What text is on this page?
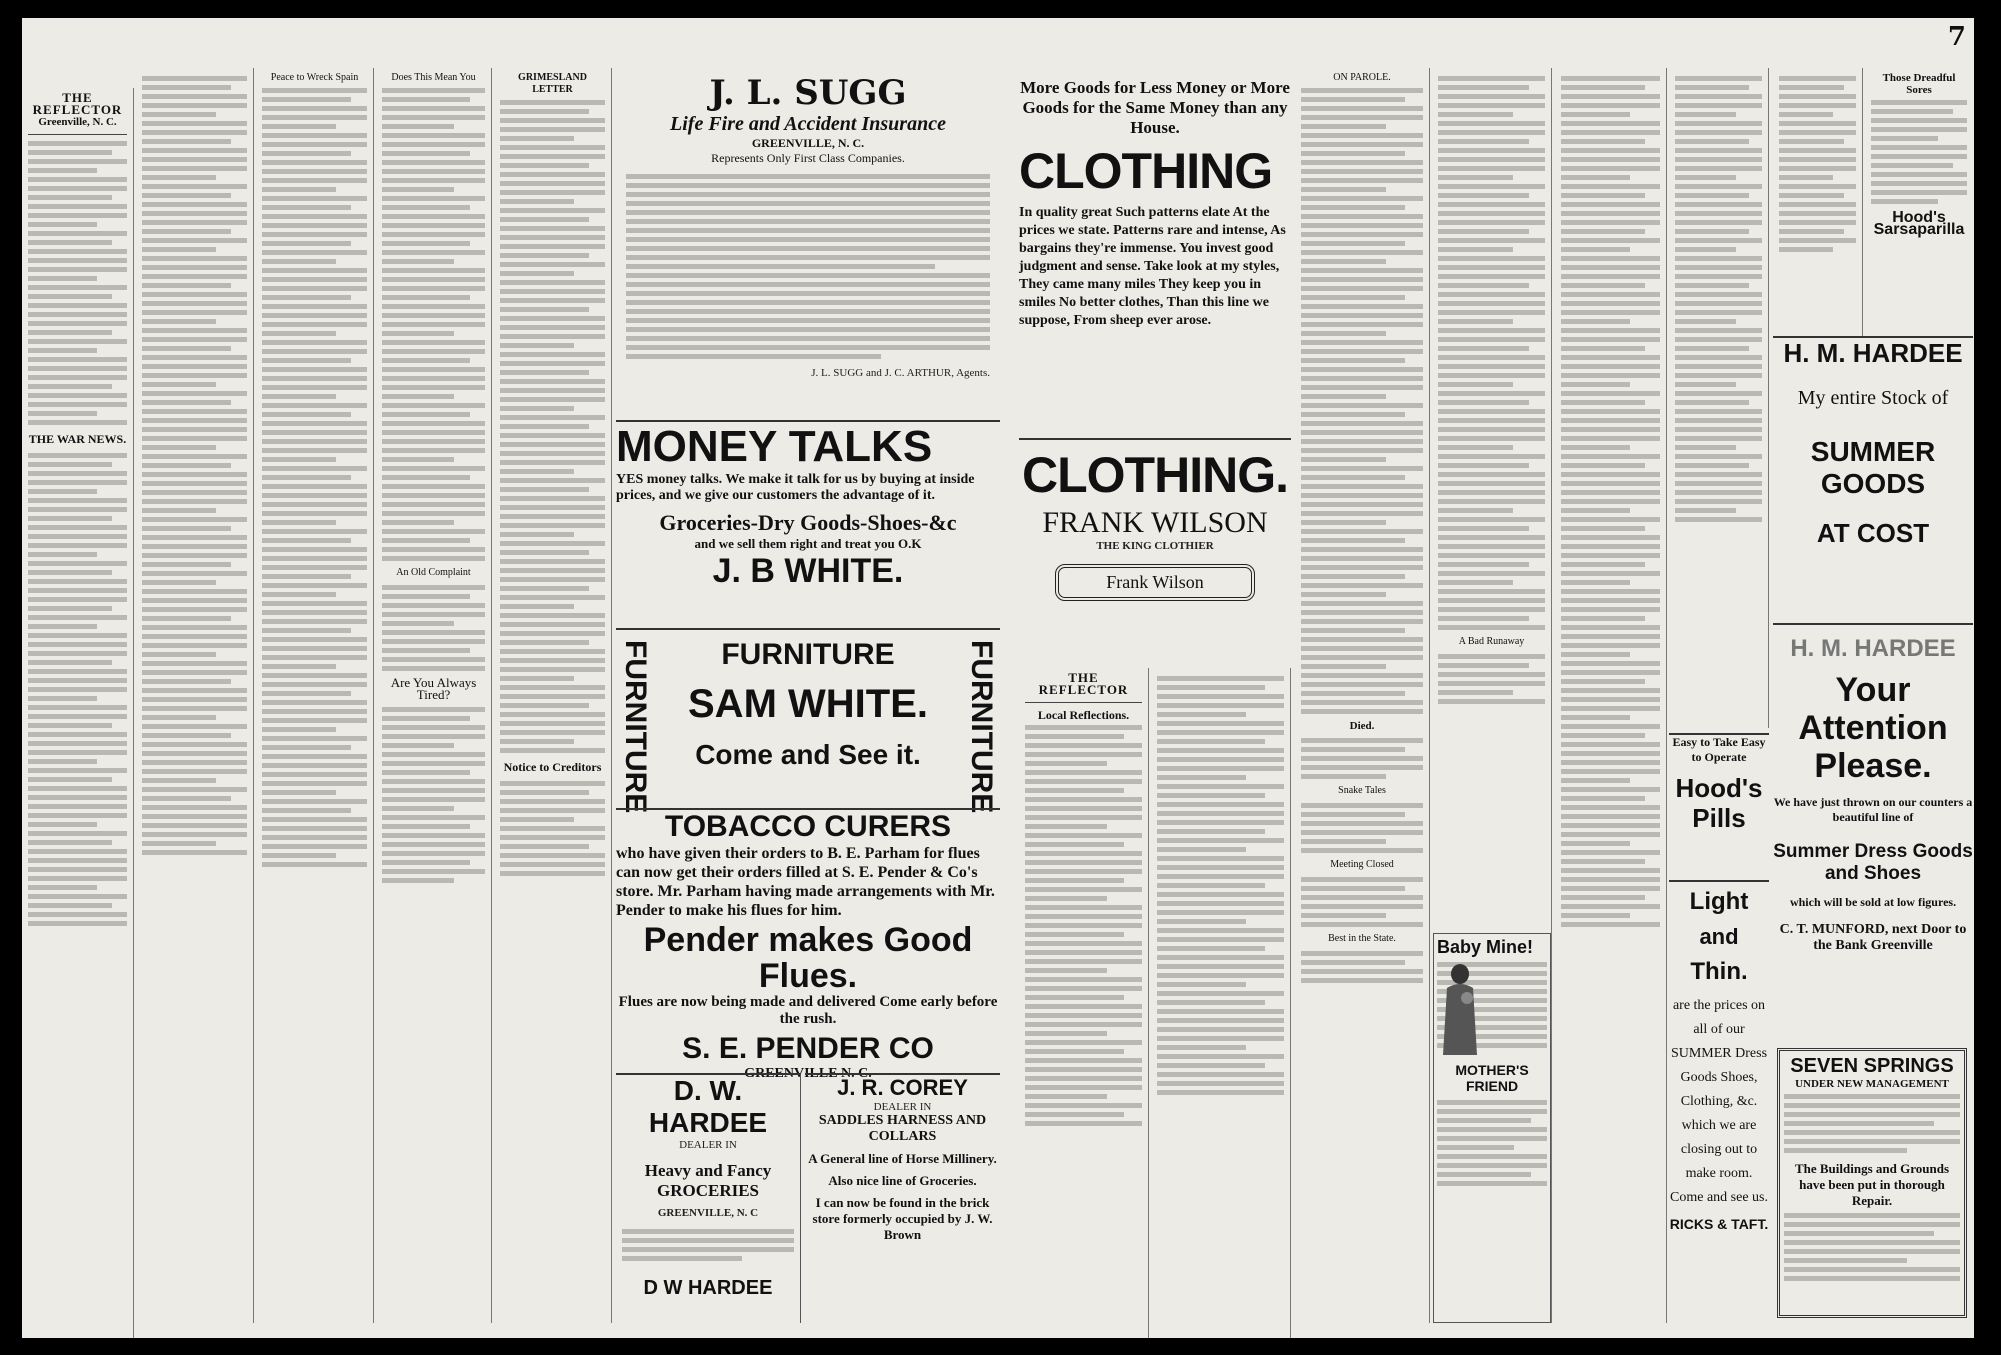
THE REFLECTOR
Greenville, N. C.
THE WAR NEWS.
Peace to Wreck Spain	Does This Mean You
An Old Complaint
Are You Always Tired?
GRIMESLAND LETTER
Notice to Creditors
J. L. SUGG
Life Fire and Accident Insurance
GREENVILLE, N. C.
Represents Only First Class Companies.
J. L. SUGG and J. C. ARTHUR, Agents.
MONEY TALKS
YES money talks. We make it talk for us by buying at inside prices, and we give our customers the advantage of it.
Groceries-Dry Goods-Shoes-&c
and we sell them right and treat you O.K
J. B WHITE.
FURNITURE	FURNITURE
FURNITURE
SAM WHITE.
Come and See it.
TOBACCO CURERS
who have given their orders to B. E. Parham for flues can now get their orders filled at S. E. Pender & Co's store. Mr. Parham having made arrangements with Mr. Pender to make his flues for him.
Pender makes Good Flues.
Flues are now being made and delivered Come early before the rush.
S. E. PENDER CO
GREENVILLE N. C.
D. W. HARDEE
DEALER IN
Heavy and Fancy GROCERIES
GREENVILLE, N. C
D W HARDEE
J. R. COREY
DEALER IN
SADDLES HARNESS AND COLLARS
A General line of Horse Millinery.
Also nice line of Groceries.
I can now be found in the brick store formerly occupied by J. W. Brown
7
More Goods for Less Money or More Goods for the Same Money than any House.
CLOTHING
In quality great Such patterns elate At the prices we state. Patterns rare and intense, As bargains they're immense. You invest good judgment and sense. Take look at my styles, They came many miles They keep you in smiles No better clothes, Than this line we suppose, From sheep ever arose.
CLOTHING.
FRANK WILSON
THE KING CLOTHIER
Frank Wilson
THE REFLECTOR
Local Reflections.
ON PAROLE.
Died.
Snake Tales
Meeting Closed
Best in the State.
A Bad Runaway
Baby Mine!
MOTHER'S FRIEND
Easy to Take Easy to Operate
Hood's Pills
Light
and
Thin.
are the prices on all of our SUMMER Dress Goods Shoes, Clothing, &c. which we are closing out to make room. Come and see us.
RICKS & TAFT.
Those Dreadful Sores
Hood's Sarsaparilla
H. M. HARDEE
My entire Stock of
SUMMER GOODS
AT COST
H. M. HARDEE
Your Attention Please.
We have just thrown on our counters a beautiful line of
Summer Dress Goods and Shoes
which will be sold at low figures.
C. T. MUNFORD, next Door to the Bank Greenville
SEVEN SPRINGS
UNDER NEW MANAGEMENT
The Buildings and Grounds have been put in thorough Repair.
